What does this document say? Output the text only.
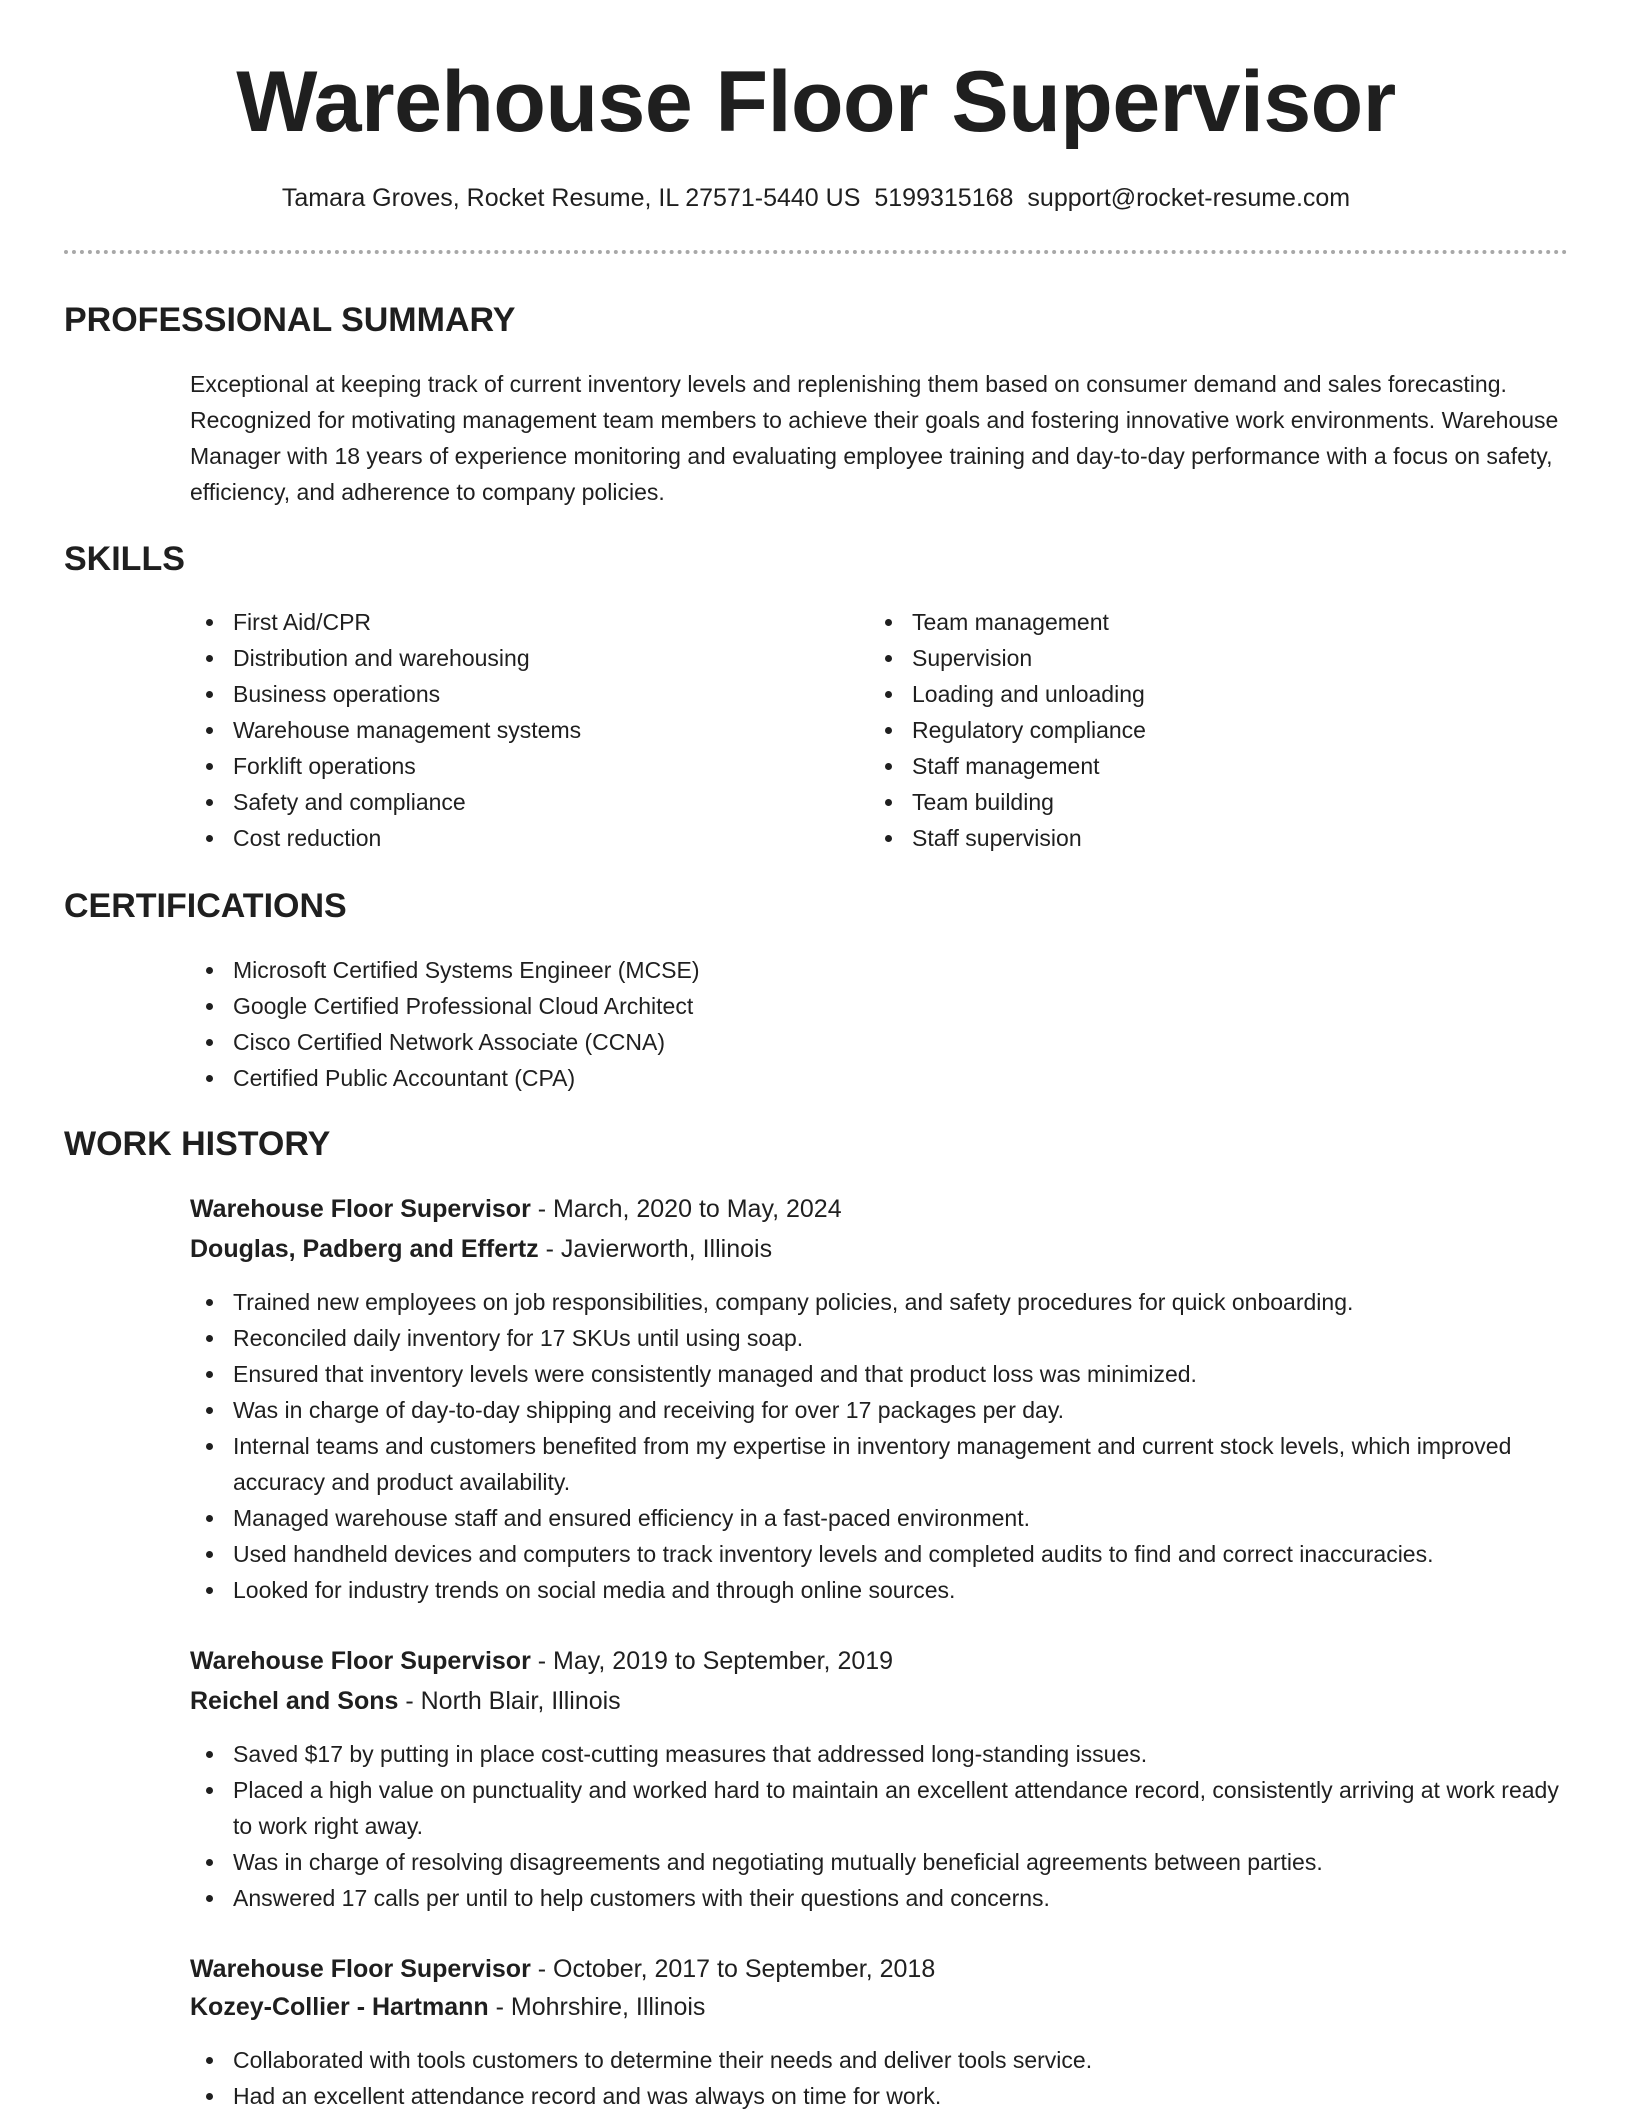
Warehouse Floor Supervisor
Tamara Groves, Rocket Resume, IL 27571-5440 US 5199315168 support@rocket-resume.com
PROFESSIONAL SUMMARY

Exceptional at keeping track of current inventory levels and replenishing them based on consumer demand and sales forecasting. Recognized for motivating management team members to achieve their goals and fostering innovative work environments. Warehouse Manager with 18 years of experience monitoring and evaluating employee training and day-to-day performance with a focus on safety, efficiency, and adherence to company policies.

SKILLS
First Aid/CPR
Distribution and warehousing
Business operations
Warehouse management systems
Forklift operations
Safety and compliance
Cost reduction
Team management
Supervision
Loading and unloading
Regulatory compliance
Staff management
Team building
Staff supervision
CERTIFICATIONS
Microsoft Certified Systems Engineer (MCSE)
Google Certified Professional Cloud Architect
Cisco Certified Network Associate (CCNA)
Certified Public Accountant (CPA)
WORK HISTORY
Warehouse Floor Supervisor - March, 2020 to May, 2024
Douglas, Padberg and Effertz - Javierworth, Illinois
Trained new employees on job responsibilities, company policies, and safety procedures for quick onboarding.
Reconciled daily inventory for 17 SKUs until using soap.
Ensured that inventory levels were consistently managed and that product loss was minimized.
Was in charge of day-to-day shipping and receiving for over 17 packages per day.
Internal teams and customers benefited from my expertise in inventory management and current stock levels, which improved accuracy and product availability.
Managed warehouse staff and ensured efficiency in a fast-paced environment.
Used handheld devices and computers to track inventory levels and completed audits to find and correct inaccuracies.
Looked for industry trends on social media and through online sources.
Warehouse Floor Supervisor - May, 2019 to September, 2019
Reichel and Sons - North Blair, Illinois
Saved $17 by putting in place cost-cutting measures that addressed long-standing issues.
Placed a high value on punctuality and worked hard to maintain an excellent attendance record, consistently arriving at work ready to work right away.
Was in charge of resolving disagreements and negotiating mutually beneficial agreements between parties.
Answered 17 calls per until to help customers with their questions and concerns.
Warehouse Floor Supervisor - October, 2017 to September, 2018
Kozey-Collier - Hartmann - Mohrshire, Illinois
Collaborated with tools customers to determine their needs and deliver tools service.
Had an excellent attendance record and was always on time for work.
